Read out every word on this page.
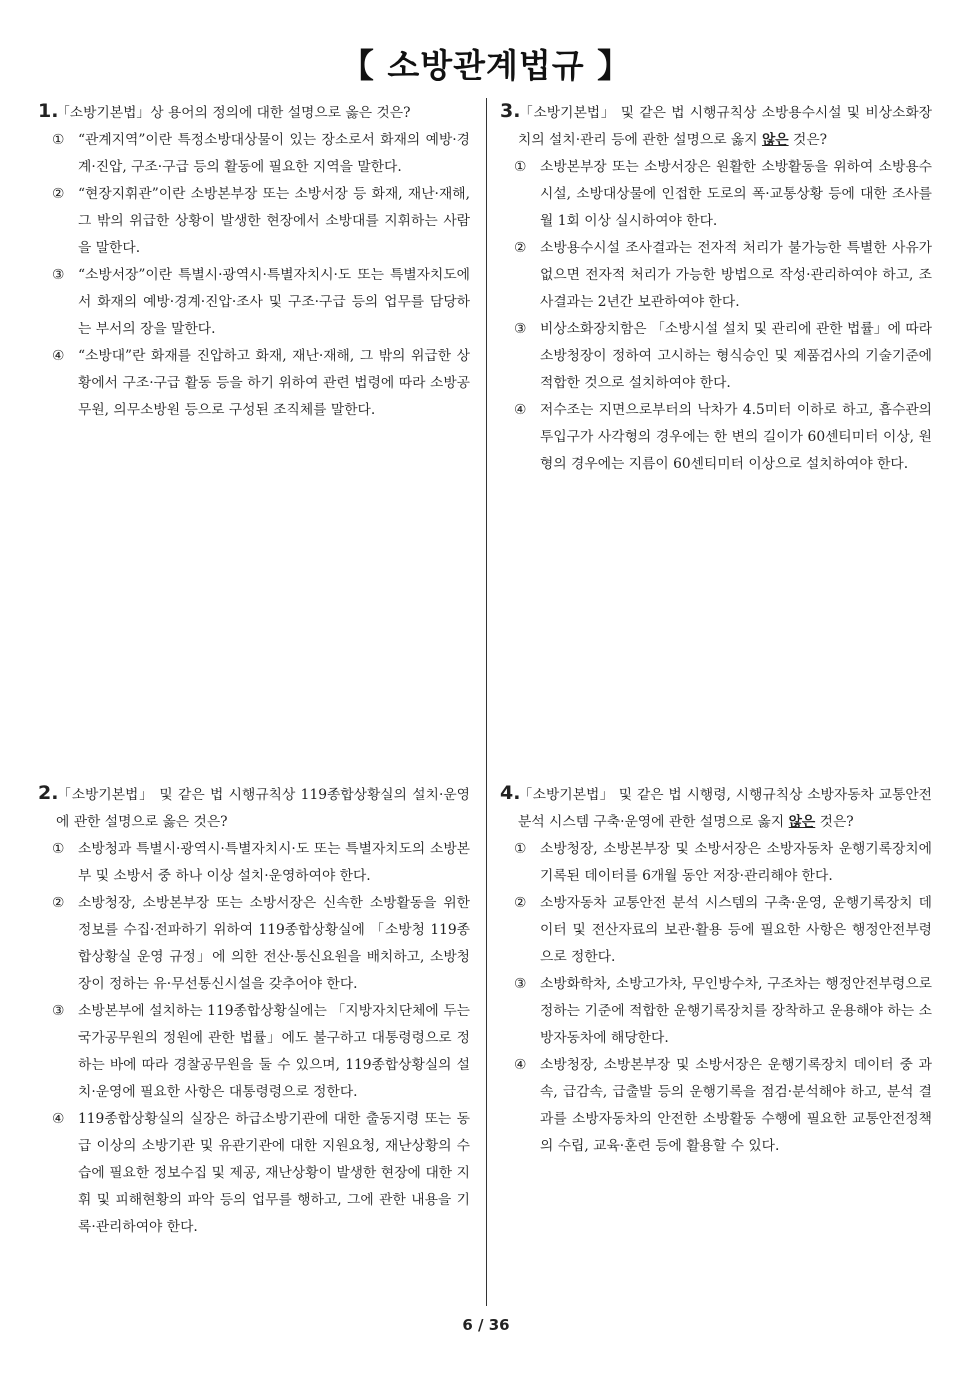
【 소방관계법규 】
1.「소방기본법」상 용어의 정의에 대한 설명으로 옳은 것은?
① “관계지역”이란 특정소방대상물이 있는 장소로서 화재의 예방·경계·진압, 구조·구급 등의 활동에 필요한 지역을 말한다.
② “현장지휘관”이란 소방본부장 또는 소방서장 등 화재, 재난·재해, 그 밖의 위급한 상황이 발생한 현장에서 소방대를 지휘하는 사람을 말한다.
③ “소방서장”이란 특별시·광역시·특별자치시·도 또는 특별자치도에서 화재의 예방·경계·진압·조사 및 구조·구급 등의 업무를 담당하는 부서의 장을 말한다.
④ “소방대”란 화재를 진압하고 화재, 재난·재해, 그 밖의 위급한 상황에서 구조·구급 활동 등을 하기 위하여 관련 법령에 따라 소방공무원, 의무소방원 등으로 구성된 조직체를 말한다.
3.「소방기본법」 및 같은 법 시행규칙상 소방용수시설 및 비상소화장치의 설치·관리 등에 관한 설명으로 옳지 않은 것은?
① 소방본부장 또는 소방서장은 원활한 소방활동을 위하여 소방용수시설, 소방대상물에 인접한 도로의 폭·교통상황 등에 대한 조사를 월 1회 이상 실시하여야 한다.
② 소방용수시설 조사결과는 전자적 처리가 불가능한 특별한 사유가 없으면 전자적 처리가 가능한 방법으로 작성·관리하여야 하고, 조사결과는 2년간 보관하여야 한다.
③ 비상소화장치함은 「소방시설 설치 및 관리에 관한 법률」에 따라 소방청장이 정하여 고시하는 형식승인 및 제품검사의 기술기준에 적합한 것으로 설치하여야 한다.
④ 저수조는 지면으로부터의 낙차가 4.5미터 이하로 하고, 흡수관의 투입구가 사각형의 경우에는 한 변의 길이가 60센티미터 이상, 원형의 경우에는 지름이 60센티미터 이상으로 설치하여야 한다.
2.「소방기본법」 및 같은 법 시행규칙상 119종합상황실의 설치·운영에 관한 설명으로 옳은 것은?
① 소방청과 특별시·광역시·특별자치시·도 또는 특별자치도의 소방본부 및 소방서 중 하나 이상 설치·운영하여야 한다.
② 소방청장, 소방본부장 또는 소방서장은 신속한 소방활동을 위한 정보를 수집·전파하기 위하여 119종합상황실에 「소방청 119종합상황실 운영 규정」에 의한 전산·통신요원을 배치하고, 소방청장이 정하는 유·무선통신시설을 갖추어야 한다.
③ 소방본부에 설치하는 119종합상황실에는 「지방자치단체에 두는 국가공무원의 정원에 관한 법률」에도 불구하고 대통령령으로 정하는 바에 따라 경찰공무원을 둘 수 있으며, 119종합상황실의 설치·운영에 필요한 사항은 대통령령으로 정한다.
④ 119종합상황실의 실장은 하급소방기관에 대한 출동지령 또는 동급 이상의 소방기관 및 유관기관에 대한 지원요청, 재난상황의 수습에 필요한 정보수집 및 제공, 재난상황이 발생한 현장에 대한 지휘 및 피해현황의 파악 등의 업무를 행하고, 그에 관한 내용을 기록·관리하여야 한다.
4.「소방기본법」 및 같은 법 시행령, 시행규칙상 소방자동차 교통안전 분석 시스템 구축·운영에 관한 설명으로 옳지 않은 것은?
① 소방청장, 소방본부장 및 소방서장은 소방자동차 운행기록장치에 기록된 데이터를 6개월 동안 저장·관리해야 한다.
② 소방자동차 교통안전 분석 시스템의 구축·운영, 운행기록장치 데이터 및 전산자료의 보관·활용 등에 필요한 사항은 행정안전부령으로 정한다.
③ 소방화학차, 소방고가차, 무인방수차, 구조차는 행정안전부령으로 정하는 기준에 적합한 운행기록장치를 장착하고 운용해야 하는 소방자동차에 해당한다.
④ 소방청장, 소방본부장 및 소방서장은 운행기록장치 데이터 중 과속, 급감속, 급출발 등의 운행기록을 점검·분석해야 하고, 분석 결과를 소방자동차의 안전한 소방활동 수행에 필요한 교통안전정책의 수립, 교육·훈련 등에 활용할 수 있다.
6 / 36
